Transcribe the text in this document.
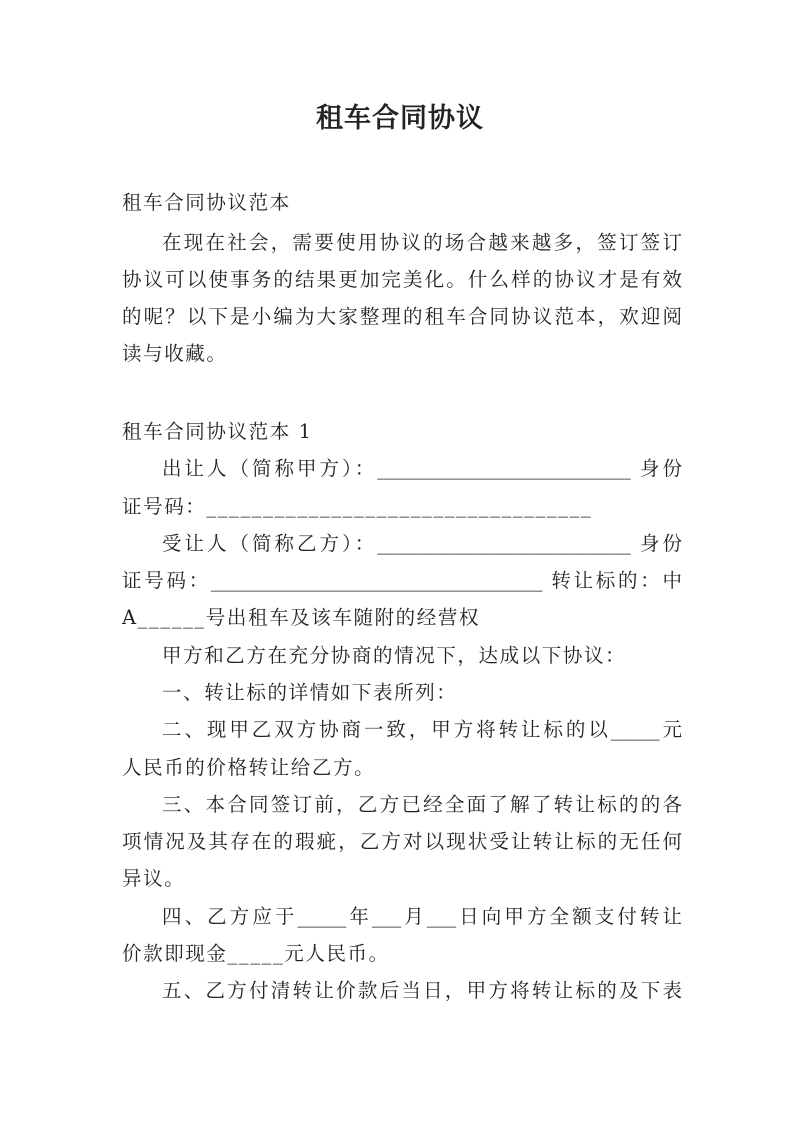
租车合同协议

租车合同协议范本

在现在社会，需要使用协议的场合越来越多，签订签订

协议可以使事务的结果更加完美化。什么样的协议才是有效

的呢？以下是小编为大家整理的租车合同协议范本，欢迎阅

读与收藏。

租车合同协议范本 1

出让人（简称甲方）：__________________________ 身份

证号码：__________________________________

受让人（简称乙方）：__________________________ 身份

证号码：__________________________________ 转让标的：中

A______号出租车及该车随附的经营权

甲方和乙方在充分协商的情况下，达成以下协议：

一、转让标的详情如下表所列：

二、现甲乙双方协商一致，甲方将转让标的以_____元

人民币的价格转让给乙方。

三、本合同签订前，乙方已经全面了解了转让标的的各

项情况及其存在的瑕疵，乙方对以现状受让转让标的无任何

异议。

四、乙方应于_____年___月___日向甲方全额支付转让

价款即现金_____元人民币。

五、乙方付清转让价款后当日，甲方将转让标的及下表
